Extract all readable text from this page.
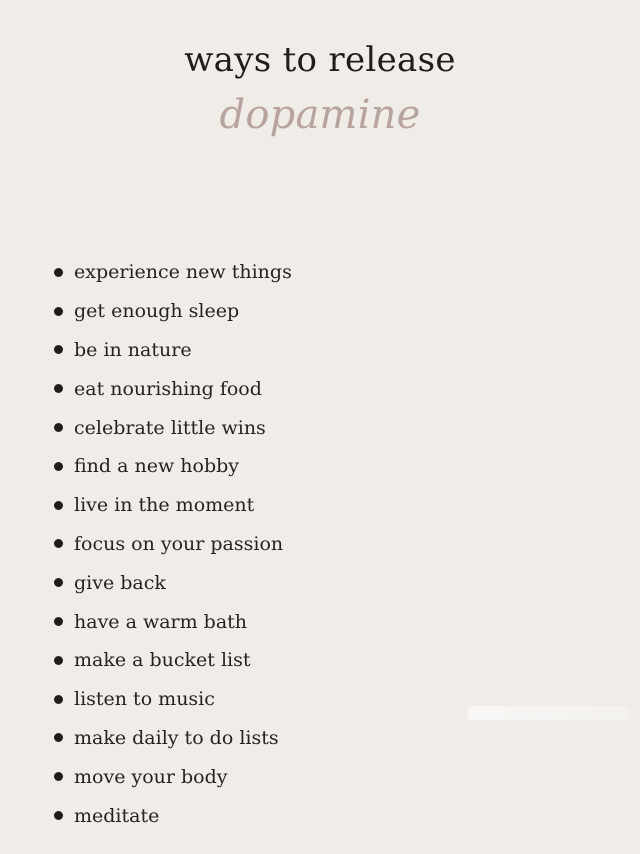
ways to release
dopamine
experience new things
get enough sleep
be in nature
eat nourishing food
celebrate little wins
find a new hobby
live in the moment
focus on your passion
give back
have a warm bath
make a bucket list
listen to music
make daily to do lists
move your body
meditate
